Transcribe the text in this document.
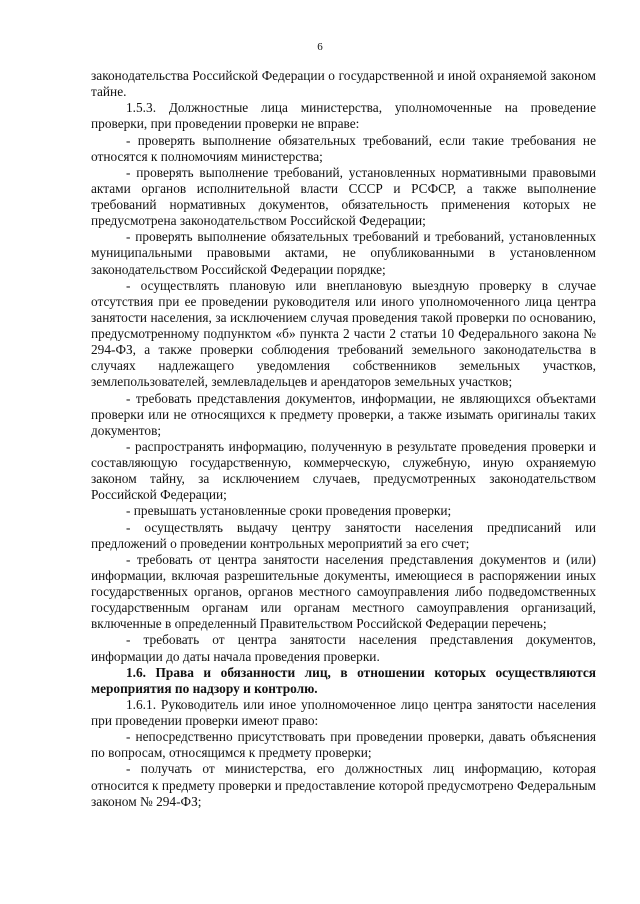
6

законодательства Российской Федерации о государственной и иной охраняемой законом тайне.

1.5.3. Должностные лица министерства, уполномоченные на проведение проверки, при проведении проверки не вправе:

- проверять выполнение обязательных требований, если такие требования не относятся к полномочиям министерства;

- проверять выполнение требований, установленных нормативными правовыми актами органов исполнительной власти СССР и РСФСР, а также выполнение требований нормативных документов, обязательность применения которых не предусмотрена законодательством Российской Федерации;

- проверять выполнение обязательных требований и требований, установленных муниципальными правовыми актами, не опубликованными в установленном законодательством Российской Федерации порядке;

- осуществлять плановую или внеплановую выездную проверку в случае отсутствия при ее проведении руководителя или иного уполномоченного лица центра занятости населения, за исключением случая проведения такой проверки по основанию, предусмотренному подпунктом «б» пункта 2 части 2 статьи 10 Федерального закона № 294-ФЗ, а также проверки соблюдения требований земельного законодательства в случаях надлежащего уведомления собственников земельных участков, землепользователей, землевладельцев и арендаторов земельных участков;

- требовать представления документов, информации, не являющихся объектами проверки или не относящихся к предмету проверки, а также изымать оригиналы таких документов;

- распространять информацию, полученную в результате проведения проверки и составляющую государственную, коммерческую, служебную, иную охраняемую законом тайну, за исключением случаев, предусмотренных законодательством Российской Федерации;

- превышать установленные сроки проведения проверки;

- осуществлять выдачу центру занятости населения предписаний или предложений о проведении контрольных мероприятий за его счет;

- требовать от центра занятости населения представления документов и (или) информации, включая разрешительные документы, имеющиеся в распоряжении иных государственных органов, органов местного самоуправления либо подведомственных государственным органам или органам местного самоуправления организаций, включенные в определенный Правительством Российской Федерации перечень;

- требовать от центра занятости населения представления документов, информации до даты начала проведения проверки.

1.6. Права и обязанности лиц, в отношении которых осуществляются мероприятия по надзору и контролю.

1.6.1. Руководитель или иное уполномоченное лицо центра занятости населения при проведении проверки имеют право:

- непосредственно присутствовать при проведении проверки, давать объяснения по вопросам, относящимся к предмету проверки;

- получать от министерства, его должностных лиц информацию, которая относится к предмету проверки и предоставление которой предусмотрено Федеральным законом № 294-ФЗ;
